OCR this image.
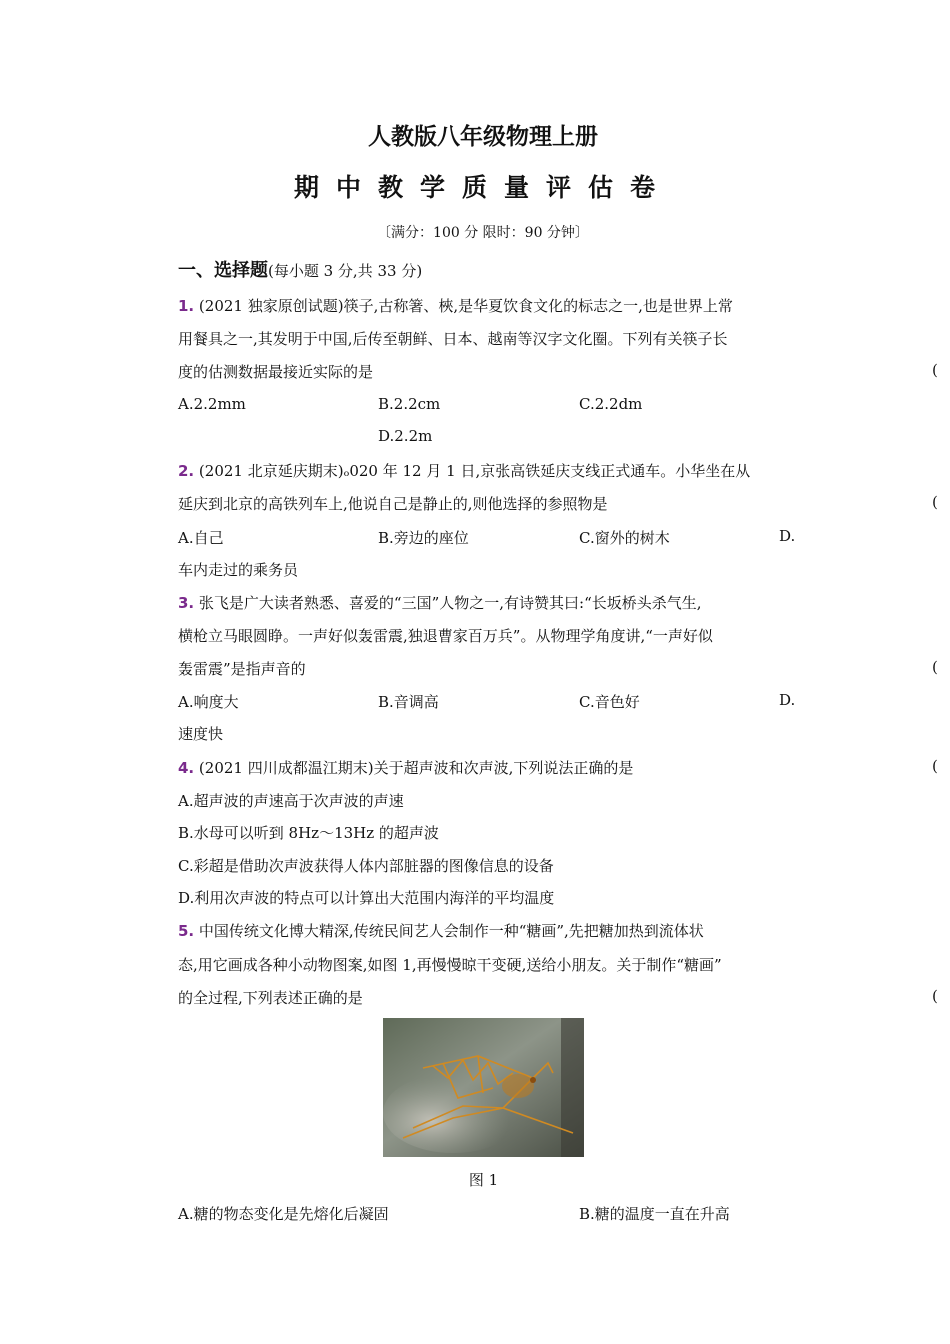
人教版八年级物理上册
期中教学质量评估卷
〔满分：100 分 限时：90 分钟〕
一、选择题(每小题 3 分,共 33 分)
1. (2021 独家原创试题)筷子,古称箸、梜,是华夏饮食文化的标志之一,也是世界上常
用餐具之一,其发明于中国,后传至朝鲜、日本、越南等汉字文化圈。下列有关筷子长
度的估测数据最接近实际的是	(
A.2.2mm	B.2.2cm	C.2.2dm
D.2.2m
2. (2021 北京延庆期末)ₒ020 年 12 月 1 日,京张高铁延庆支线正式通车。小华坐在从
延庆到北京的高铁列车上,他说自己是静止的,则他选择的参照物是	(
A.自己	B.旁边的座位	C.窗外的树木	D.
车内走过的乘务员
3. 张飞是广大读者熟悉、喜爱的“三国”人物之一,有诗赞其曰:“长坂桥头杀气生,
横枪立马眼圆睁。一声好似轰雷震,独退曹家百万兵”。从物理学角度讲,“一声好似
轰雷震”是指声音的	(
A.响度大	B.音调高	C.音色好	D.
速度快
4. (2021 四川成都温江期末)关于超声波和次声波,下列说法正确的是	(
A.超声波的声速高于次声波的声速
B.水母可以听到 8Hz～13Hz 的超声波
C.彩超是借助次声波获得人体内部脏器的图像信息的设备
D.利用次声波的特点可以计算出大范围内海洋的平均温度
5. 中国传统文化博大精深,传统民间艺人会制作一种“糖画”,先把糖加热到流体状
态,用它画成各种小动物图案,如图 1,再慢慢晾干变硬,送给小朋友。关于制作“糖画”
的全过程,下列表述正确的是	(
图 1
A.糖的物态变化是先熔化后凝固	B.糖的温度一直在升高
